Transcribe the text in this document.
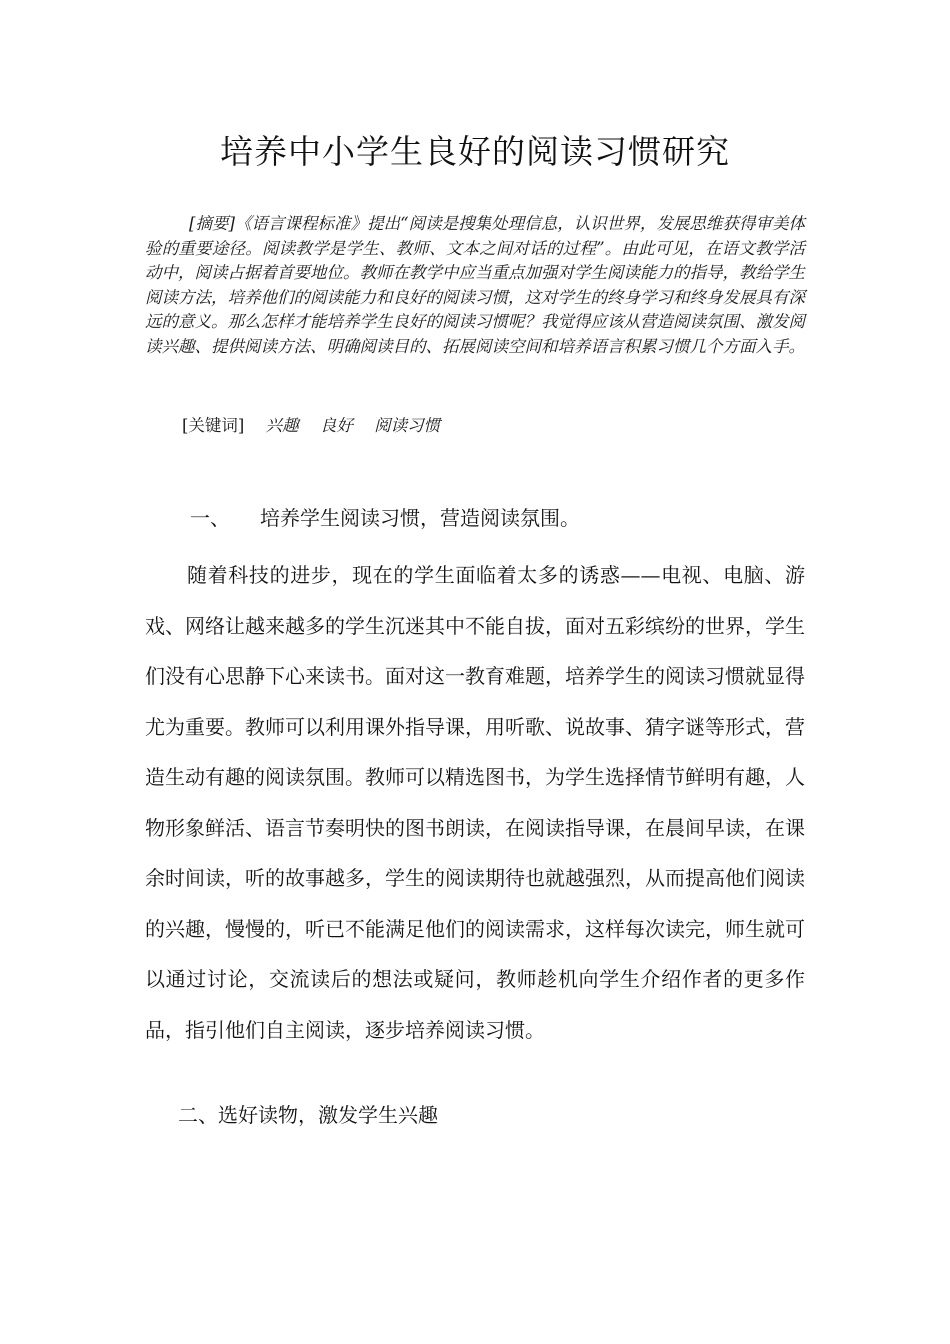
培养中小学生良好的阅读习惯研究
[摘要]《语言课程标准》提出“阅读是搜集处理信息，认识世界，发展思维获得审美体验的重要途径。阅读教学是学生、教师、文本之间对话的过程”。由此可见，在语文教学活动中，阅读占据着首要地位。教师在教学中应当重点加强对学生阅读能力的指导，教给学生阅读方法，培养他们的阅读能力和良好的阅读习惯，这对学生的终身学习和终身发展具有深远的意义。那么怎样才能培养学生良好的阅读习惯呢？我觉得应该从营造阅读氛围、激发阅读兴趣、提供阅读方法、明确阅读目的、拓展阅读空间和培养语言积累习惯几个方面入手。
[关键词] 兴趣 良好 阅读习惯
一、 培养学生阅读习惯，营造阅读氛围。
随着科技的进步，现在的学生面临着太多的诱惑——电视、电脑、游戏、网络让越来越多的学生沉迷其中不能自拔，面对五彩缤纷的世界，学生们没有心思静下心来读书。面对这一教育难题，培养学生的阅读习惯就显得尤为重要。教师可以利用课外指导课，用听歌、说故事、猜字谜等形式，营造生动有趣的阅读氛围。教师可以精选图书，为学生选择情节鲜明有趣，人物形象鲜活、语言节奏明快的图书朗读，在阅读指导课，在晨间早读，在课余时间读，听的故事越多，学生的阅读期待也就越强烈，从而提高他们阅读的兴趣，慢慢的，听已不能满足他们的阅读需求，这样每次读完，师生就可以通过讨论，交流读后的想法或疑问，教师趁机向学生介绍作者的更多作品，指引他们自主阅读，逐步培养阅读习惯。
二、选好读物，激发学生兴趣
